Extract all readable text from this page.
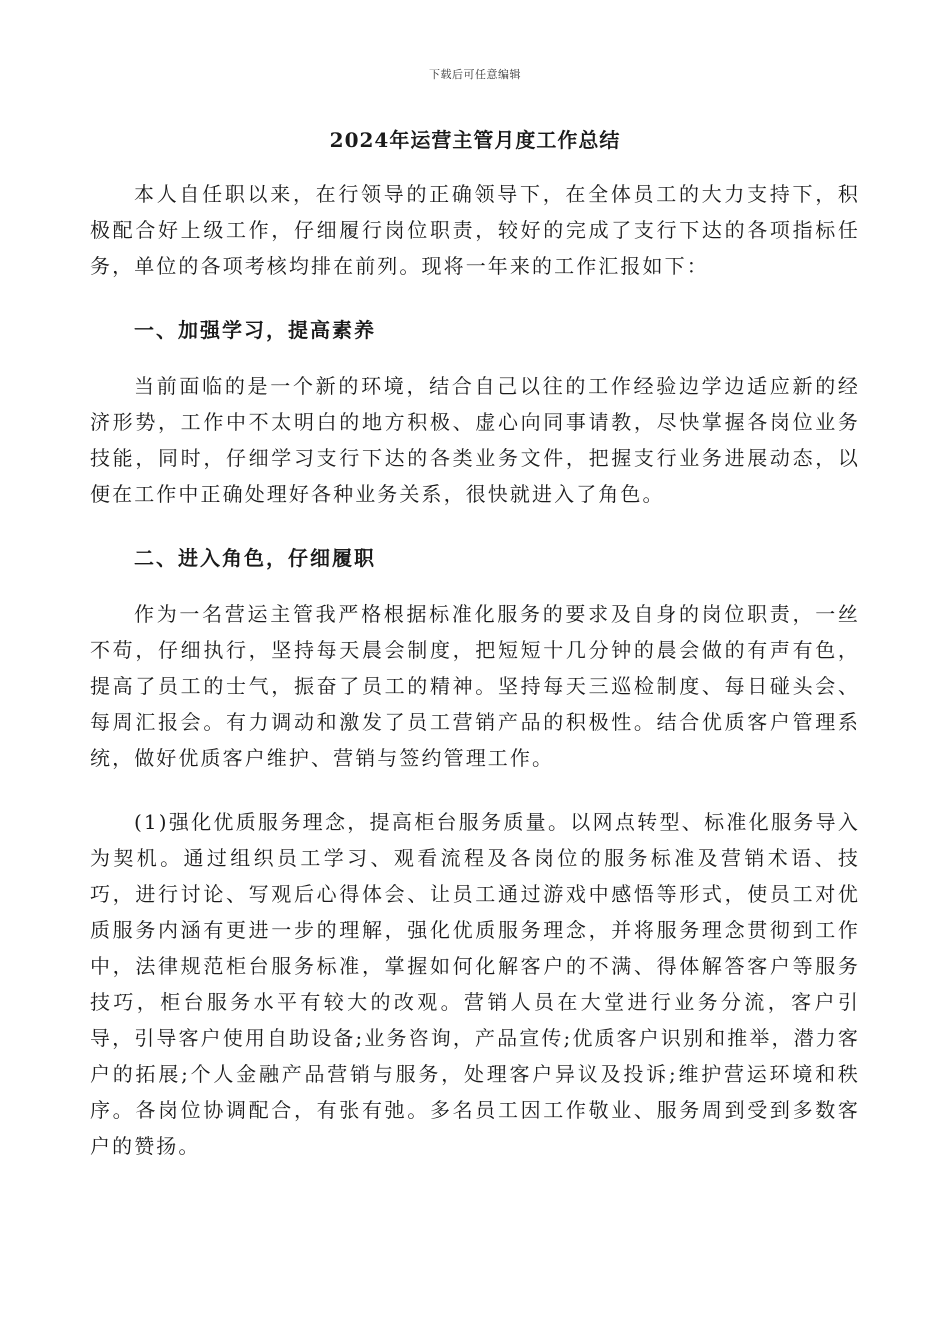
下载后可任意编辑
2024年运营主管月度工作总结

本人自任职以来，在行领导的正确领导下，在全体员工的大力支持下，积极配合好上级工作，仔细履行岗位职责，较好的完成了支行下达的各项指标任务，单位的各项考核均排在前列。现将一年来的工作汇报如下：

一、加强学习，提高素养

当前面临的是一个新的环境，结合自己以往的工作经验边学边适应新的经济形势，工作中不太明白的地方积极、虚心向同事请教，尽快掌握各岗位业务技能，同时，仔细学习支行下达的各类业务文件，把握支行业务进展动态，以便在工作中正确处理好各种业务关系，很快就进入了角色。

二、进入角色，仔细履职

作为一名营运主管我严格根据标准化服务的要求及自身的岗位职责，一丝不苟，仔细执行，坚持每天晨会制度，把短短十几分钟的晨会做的有声有色，提高了员工的士气，振奋了员工的精神。坚持每天三巡检制度、每日碰头会、每周汇报会。有力调动和激发了员工营销产品的积极性。结合优质客户管理系统，做好优质客户维护、营销与签约管理工作。

(1)强化优质服务理念，提高柜台服务质量。以网点转型、标准化服务导入为契机。通过组织员工学习、观看流程及各岗位的服务标准及营销术语、技巧，进行讨论、写观后心得体会、让员工通过游戏中感悟等形式，使员工对优质服务内涵有更进一步的理解，强化优质服务理念，并将服务理念贯彻到工作中，法律规范柜台服务标准，掌握如何化解客户的不满、得体解答客户等服务技巧，柜台服务水平有较大的改观。营销人员在大堂进行业务分流，客户引导，引导客户使用自助设备;业务咨询，产品宣传;优质客户识别和推举，潜力客户的拓展;个人金融产品营销与服务，处理客户异议及投诉;维护营运环境和秩序。各岗位协调配合，有张有弛。多名员工因工作敬业、服务周到受到多数客户的赞扬。
